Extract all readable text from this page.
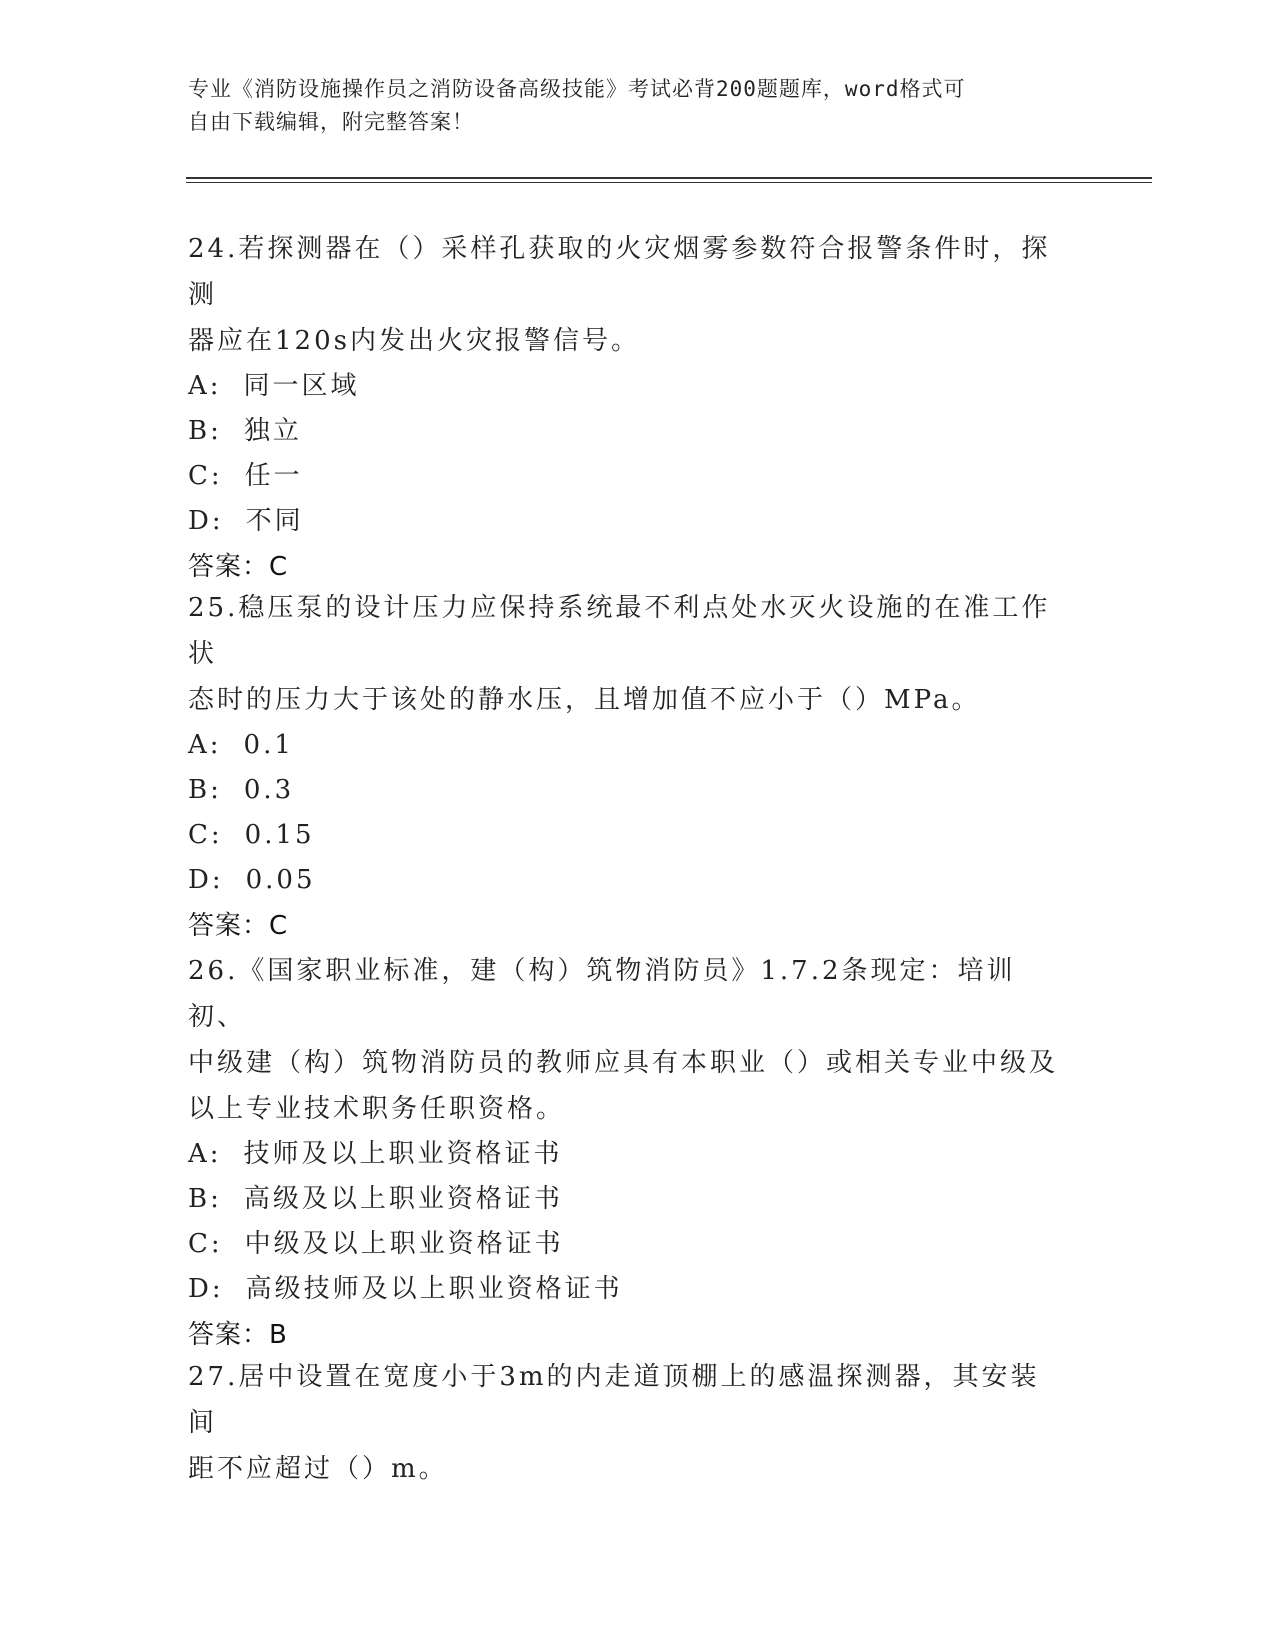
专业《消防设施操作员之消防设备高级技能》考试必背200题题库，word格式可
自由下载编辑，附完整答案！

24.若探测器在（）采样孔获取的火灾烟雾参数符合报警条件时，探测

器应在120s内发出火灾报警信号。

A: 同一区域

B: 独立

C: 任一

D: 不同

答案：C

25.稳压泵的设计压力应保持系统最不利点处水灭火设施的在准工作状

态时的压力大于该处的静水压，且增加值不应小于（）MPa。

A: 0.1

B: 0.3

C: 0.15

D: 0.05

答案：C

26.《国家职业标准，建（构）筑物消防员》1.7.2条现定：培训初、

中级建（构）筑物消防员的教师应具有本职业（）或相关专业中级及

以上专业技术职务任职资格。

A: 技师及以上职业资格证书

B: 高级及以上职业资格证书

C: 中级及以上职业资格证书

D: 高级技师及以上职业资格证书

答案：B

27.居中设置在宽度小于3m的内走道顶棚上的感温探测器，其安装间

距不应超过（）m。
